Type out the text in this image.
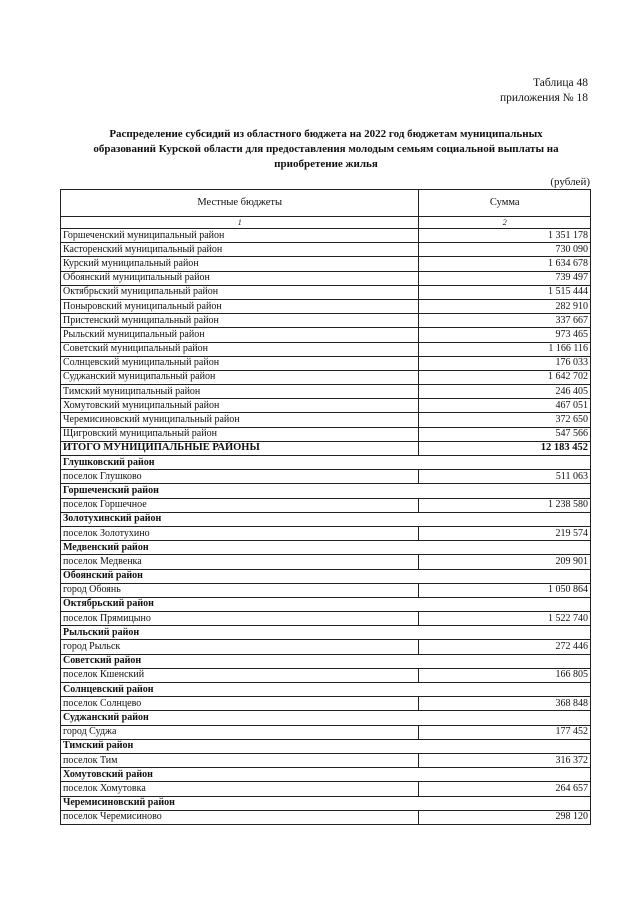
Таблица 48
приложения № 18
Распределение субсидий из областного бюджета на 2022 год бюджетам муниципальных образований Курской области для предоставления молодым семьям социальной выплаты на приобретение жилья
(рублей)
Местные бюджеты	Сумма
1	2
Горшеченский муниципальный район	1 351 178
Касторенский муниципальный район	730 090
Курский муниципальный район	1 634 678
Обоянский муниципальный район	739 497
Октябрьский муниципальный район	1 515 444
Поныровский муниципальный район	282 910
Пристенский муниципальный район	337 667
Рыльский муниципальный район	973 465
Советский муниципальный район	1 166 116
Солнцевский муниципальный район	176 033
Суджанский муниципальный район	1 642 702
Тимский муниципальный район	246 405
Хомутовский муниципальный район	467 051
Черемисиновский муниципальный район	372 650
Щигровский муниципальный район	547 566
ИТОГО МУНИЦИПАЛЬНЫЕ РАЙОНЫ	12 183 452
Глушковский район	
поселок Глушково	511 063
Горшеченский район	
поселок Горшечное	1 238 580
Золотухинский район	
поселок Золотухино	219 574
Медвенский район	
поселок Медвенка	209 901
Обоянский район	
город Обоянь	1 050 864
Октябрьский район	
поселок Прямицыно	1 522 740
Рыльский район	
город Рыльск	272 446
Советский район	
поселок Кшенский	166 805
Солнцевский район	
поселок Солнцево	368 848
Суджанский район	
город Суджа	177 452
Тимский район	
поселок Тим	316 372
Хомутовский район	
поселок Хомутовка	264 657
Черемисиновский район	
поселок Черемисиново	298 120
